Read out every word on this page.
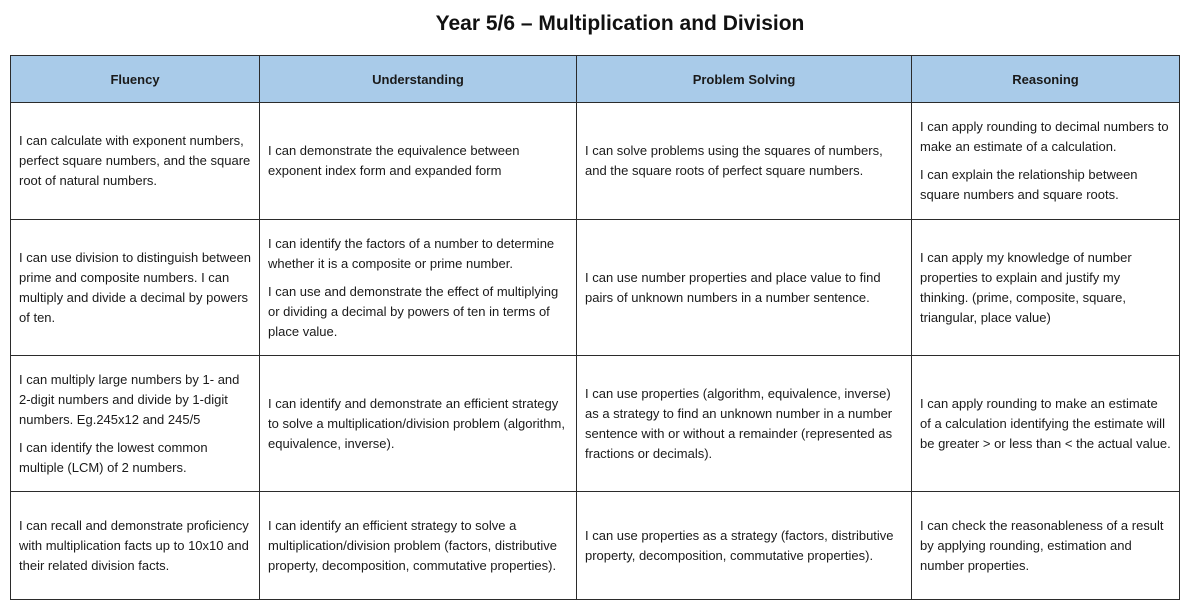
Year 5/6 – Multiplication and Division
Fluency	Understanding	Problem Solving	Reasoning

I can calculate with exponent numbers, perfect square numbers, and the square root of natural numbers.	I can demonstrate the equivalence between exponent index form and expanded form	I can solve problems using the squares of numbers, and the square roots of perfect square numbers.	I can apply rounding to decimal numbers to make an estimate of a calculation.
I can explain the relationship between square numbers and square roots.

I can use division to distinguish between prime and composite numbers. I can multiply and divide a decimal by powers of ten.	I can identify the factors of a number to determine whether it is a composite or prime number.
I can use and demonstrate the effect of multiplying or dividing a decimal by powers of ten in terms of place value.	I can use number properties and place value to find pairs of unknown numbers in a number sentence.	I can apply my knowledge of number properties to explain and justify my thinking. (prime, composite, square, triangular, place value)

I can multiply large numbers by 1- and 2-digit numbers and divide by 1-digit numbers. Eg.245x12 and 245/5
I can identify the lowest common multiple (LCM) of 2 numbers.	I can identify and demonstrate an efficient strategy to solve a multiplication/division problem (algorithm, equivalence, inverse).	I can use properties (algorithm, equivalence, inverse) as a strategy to find an unknown number in a number sentence with or without a remainder (represented as fractions or decimals).	I can apply rounding to make an estimate of a calculation identifying the estimate will be greater > or less than < the actual value.

I can recall and demonstrate proficiency with multiplication facts up to 10x10 and their related division facts.	I can identify an efficient strategy to solve a multiplication/division problem (factors, distributive property, decomposition, commutative properties).	I can use properties as a strategy (factors, distributive property, decomposition, commutative properties).	I can check the reasonableness of a result by applying rounding, estimation and number properties.
